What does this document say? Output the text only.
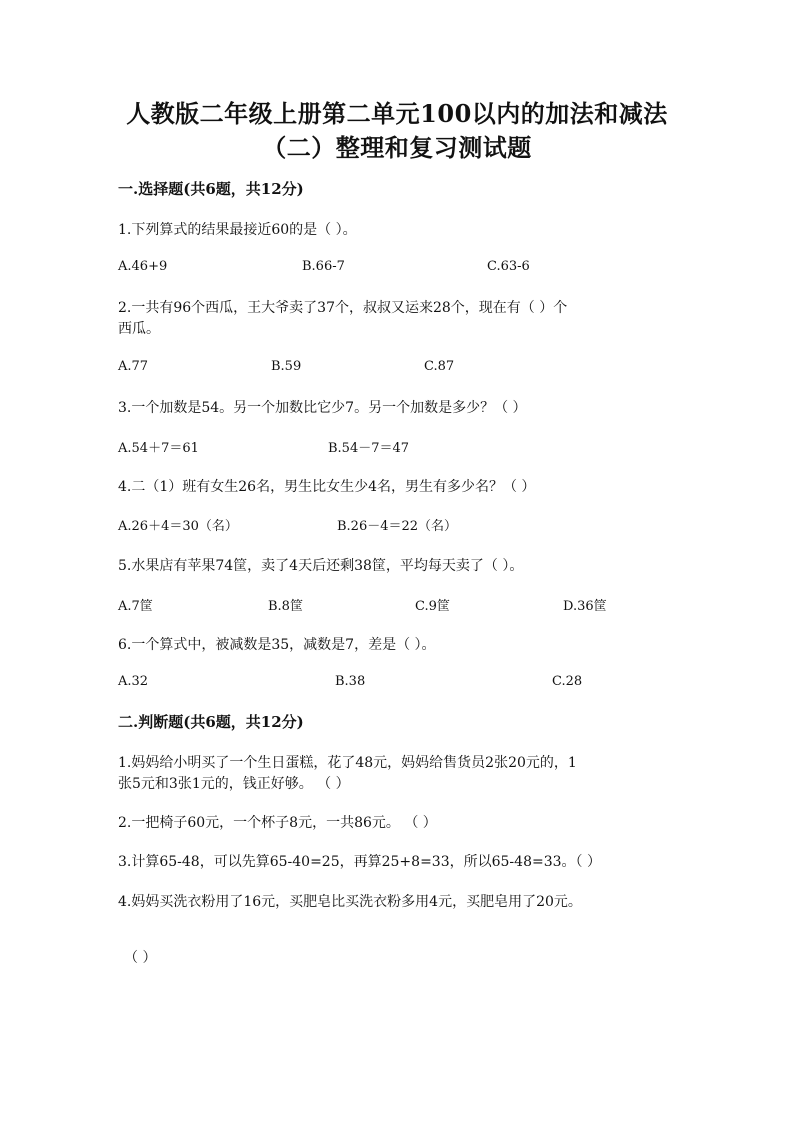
人教版二年级上册第二单元100以内的加法和减法
（二）整理和复习测试题
一.选择题(共6题，共12分)
1.下列算式的结果最接近60的是（ ）。
A.46+9	B.66-7	C.63-6
2.一共有96个西瓜，王大爷卖了37个，叔叔又运来28个，现在有（ ）个
西瓜。
A.77	B.59	C.87
3.一个加数是54。另一个加数比它少7。另一个加数是多少？（ ）
A.54＋7＝61	B.54－7＝47
4.二（1）班有女生26名，男生比女生少4名，男生有多少名？（ ）
A.26＋4＝30（名）	B.26－4＝22（名）
5.水果店有苹果74筐，卖了4天后还剩38筐，平均每天卖了（ ）。
A.7筐	B.8筐	C.9筐	D.36筐
6.一个算式中，被减数是35，减数是7，差是（ ）。
A.32	B.38	C.28
二.判断题(共6题，共12分)
1.妈妈给小明买了一个生日蛋糕，花了48元，妈妈给售货员2张20元的，1
张5元和3张1元的，钱正好够。 （ ）
2.一把椅子60元，一个杯子8元，一共86元。 （ ）
3.计算65-48，可以先算65-40=25，再算25+8=33，所以65-48=33。（ ）
4.妈妈买洗衣粉用了16元，买肥皂比买洗衣粉多用4元，买肥皂用了20元。
（ ）
